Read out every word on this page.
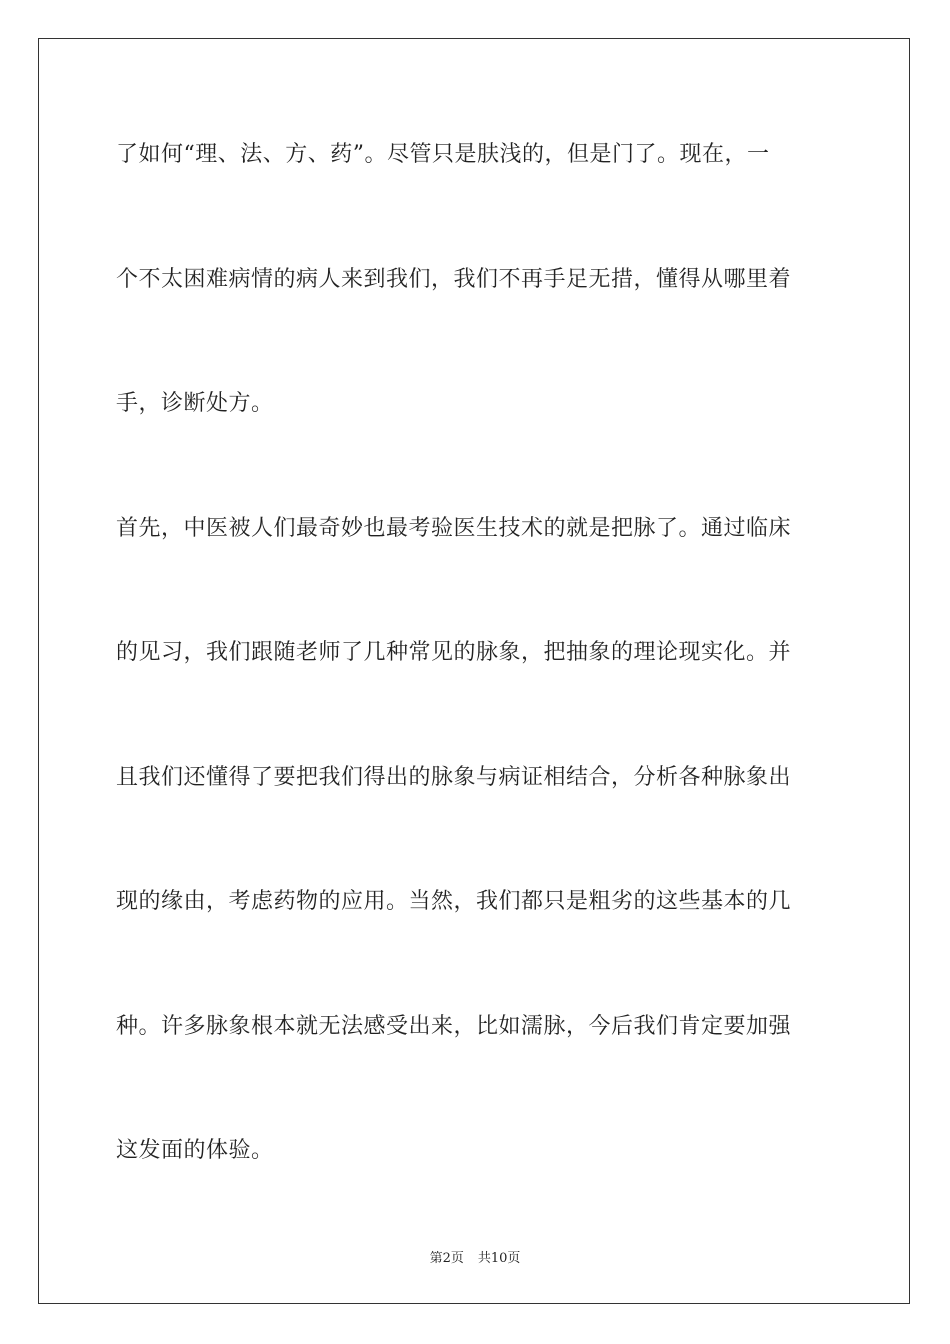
了如何“理、法、方、药”。尽管只是肤浅的，但是门了。现在，一
个不太困难病情的病人来到我们，我们不再手足无措，懂得从哪里着
手，诊断处方。
首先，中医被人们最奇妙也最考验医生技术的就是把脉了。通过临床
的见习，我们跟随老师了几种常见的脉象，把抽象的理论现实化。并
且我们还懂得了要把我们得出的脉象与病证相结合，分析各种脉象出
现的缘由，考虑药物的应用。当然，我们都只是粗劣的这些基本的几
种。许多脉象根本就无法感受出来，比如濡脉，今后我们肯定要加强
这发面的体验。
第2页 共10页
